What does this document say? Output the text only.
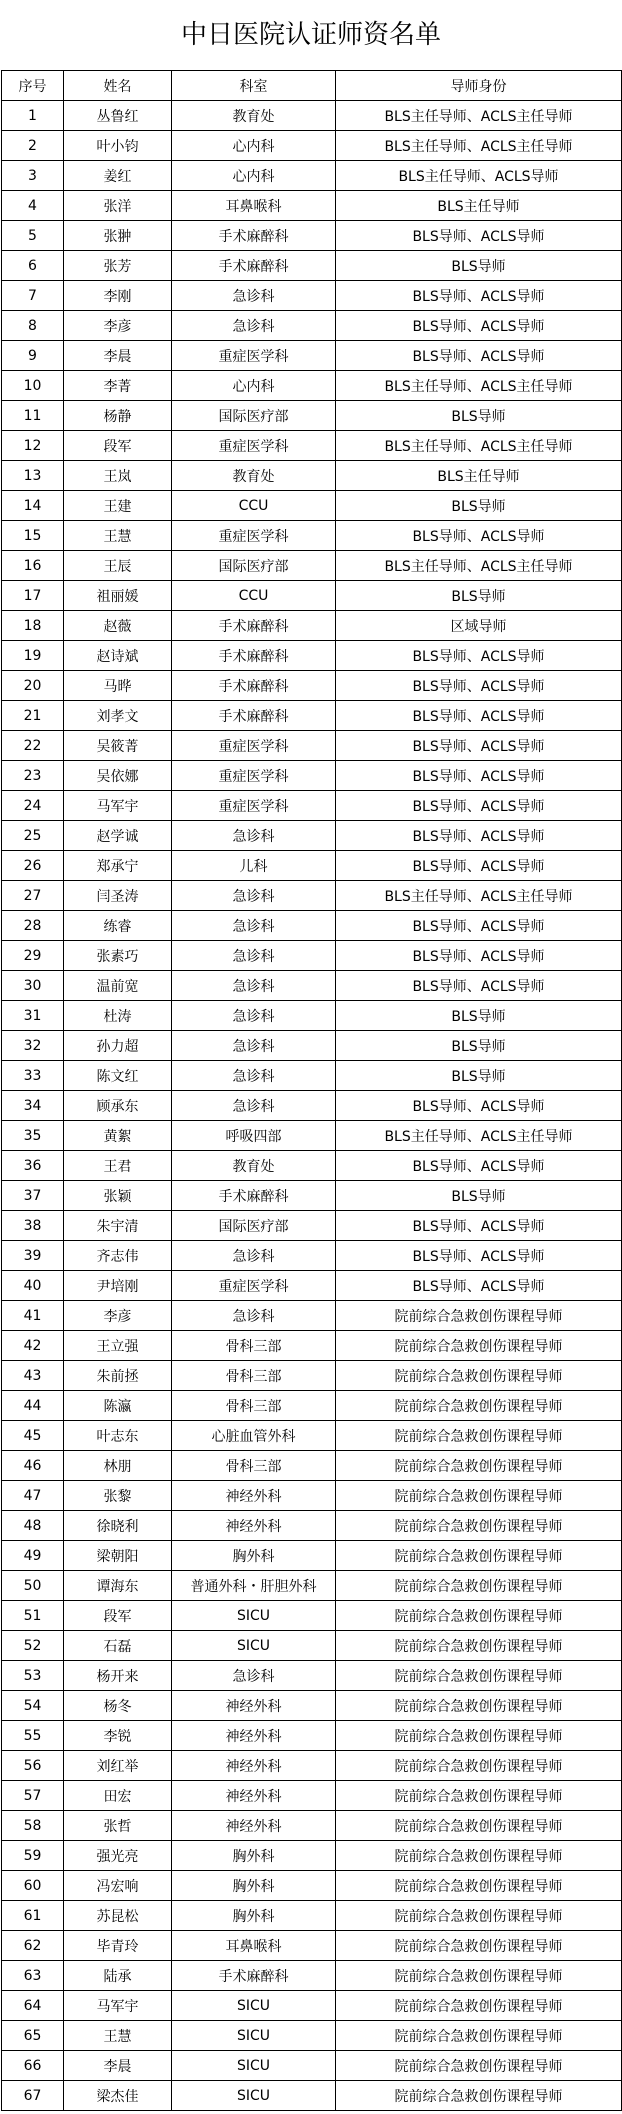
中日医院认证师资名单
序号	姓名	科室	导师身份
1	丛鲁红	教育处	BLS主任导师、ACLS主任导师
2	叶小钧	心内科	BLS主任导师、ACLS主任导师
3	姜红	心内科	BLS主任导师、ACLS导师
4	张洋	耳鼻喉科	BLS主任导师
5	张翀	手术麻醉科	BLS导师、ACLS导师
6	张芳	手术麻醉科	BLS导师
7	李刚	急诊科	BLS导师、ACLS导师
8	李彦	急诊科	BLS导师、ACLS导师
9	李晨	重症医学科	BLS导师、ACLS导师
10	李菁	心内科	BLS主任导师、ACLS主任导师
11	杨静	国际医疗部	BLS导师
12	段军	重症医学科	BLS主任导师、ACLS主任导师
13	王岚	教育处	BLS主任导师
14	王建	CCU	BLS导师
15	王慧	重症医学科	BLS导师、ACLS导师
16	王辰	国际医疗部	BLS主任导师、ACLS主任导师
17	祖丽媛	CCU	BLS导师
18	赵薇	手术麻醉科	区域导师
19	赵诗斌	手术麻醉科	BLS导师、ACLS导师
20	马晔	手术麻醉科	BLS导师、ACLS导师
21	刘孝文	手术麻醉科	BLS导师、ACLS导师
22	吴筱菁	重症医学科	BLS导师、ACLS导师
23	吴依娜	重症医学科	BLS导师、ACLS导师
24	马军宇	重症医学科	BLS导师、ACLS导师
25	赵学诚	急诊科	BLS导师、ACLS导师
26	郑承宁	儿科	BLS导师、ACLS导师
27	闫圣涛	急诊科	BLS主任导师、ACLS主任导师
28	练睿	急诊科	BLS导师、ACLS导师
29	张素巧	急诊科	BLS导师、ACLS导师
30	温前宽	急诊科	BLS导师、ACLS导师
31	杜涛	急诊科	BLS导师
32	孙力超	急诊科	BLS导师
33	陈文红	急诊科	BLS导师
34	顾承东	急诊科	BLS导师、ACLS导师
35	黄絮	呼吸四部	BLS主任导师、ACLS主任导师
36	王君	教育处	BLS导师、ACLS导师
37	张颖	手术麻醉科	BLS导师
38	朱宇清	国际医疗部	BLS导师、ACLS导师
39	齐志伟	急诊科	BLS导师、ACLS导师
40	尹培刚	重症医学科	BLS导师、ACLS导师
41	李彦	急诊科	院前综合急救创伤课程导师
42	王立强	骨科三部	院前综合急救创伤课程导师
43	朱前拯	骨科三部	院前综合急救创伤课程导师
44	陈瀛	骨科三部	院前综合急救创伤课程导师
45	叶志东	心脏血管外科	院前综合急救创伤课程导师
46	林朋	骨科三部	院前综合急救创伤课程导师
47	张黎	神经外科	院前综合急救创伤课程导师
48	徐晓利	神经外科	院前综合急救创伤课程导师
49	梁朝阳	胸外科	院前综合急救创伤课程导师
50	谭海东	普通外科・肝胆外科	院前综合急救创伤课程导师
51	段军	SICU	院前综合急救创伤课程导师
52	石磊	SICU	院前综合急救创伤课程导师
53	杨开来	急诊科	院前综合急救创伤课程导师
54	杨冬	神经外科	院前综合急救创伤课程导师
55	李锐	神经外科	院前综合急救创伤课程导师
56	刘红举	神经外科	院前综合急救创伤课程导师
57	田宏	神经外科	院前综合急救创伤课程导师
58	张哲	神经外科	院前综合急救创伤课程导师
59	强光亮	胸外科	院前综合急救创伤课程导师
60	冯宏响	胸外科	院前综合急救创伤课程导师
61	苏昆松	胸外科	院前综合急救创伤课程导师
62	毕青玲	耳鼻喉科	院前综合急救创伤课程导师
63	陆承	手术麻醉科	院前综合急救创伤课程导师
64	马军宇	SICU	院前综合急救创伤课程导师
65	王慧	SICU	院前综合急救创伤课程导师
66	李晨	SICU	院前综合急救创伤课程导师
67	梁杰佳	SICU	院前综合急救创伤课程导师
